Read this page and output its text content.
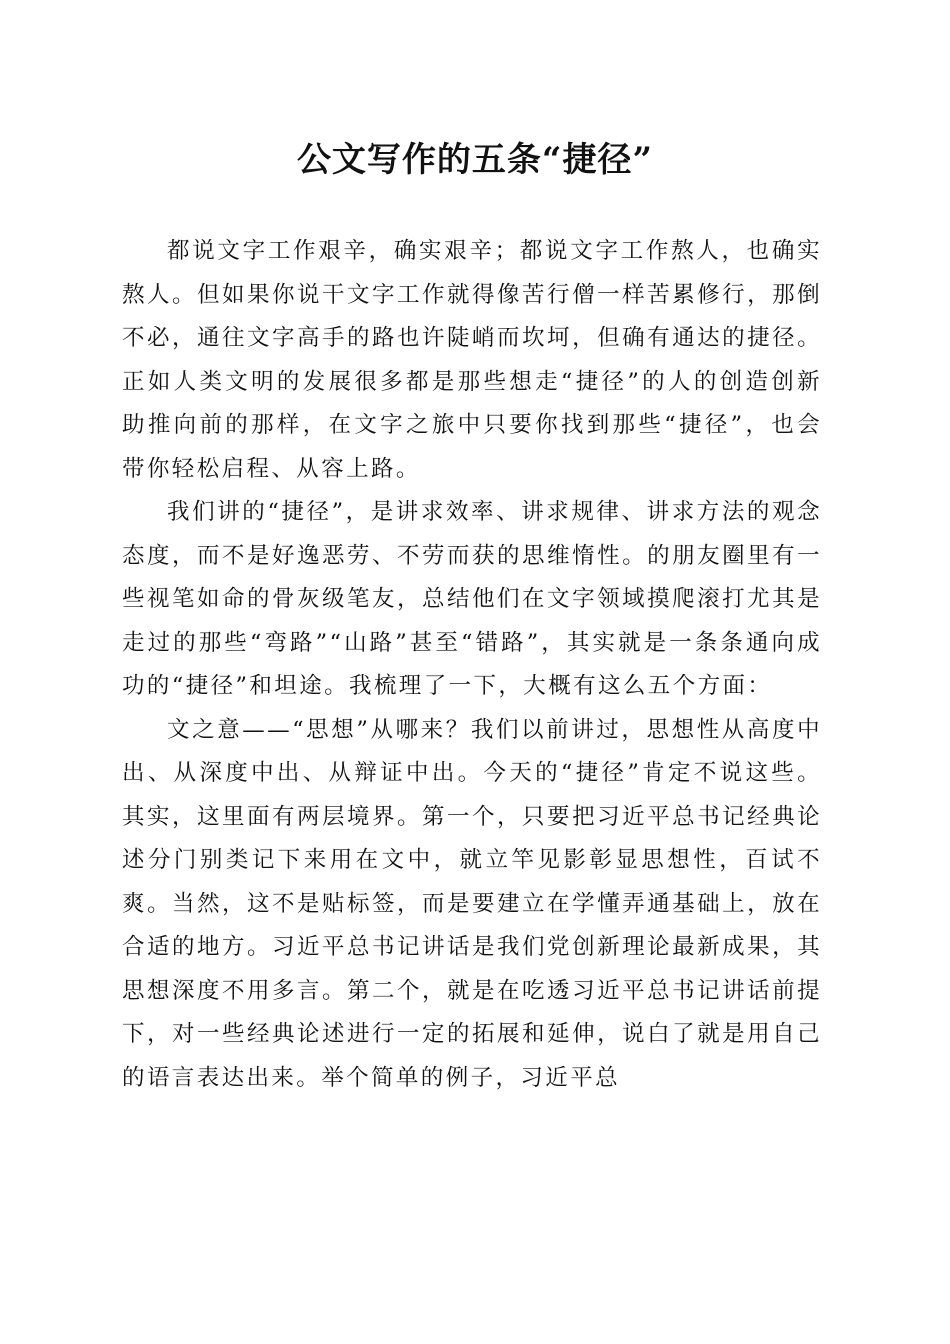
公文写作的五条“捷径”

都说文字工作艰辛，确实艰辛；都说文字工作熬人，也确实熬人。但如果你说干文字工作就得像苦行僧一样苦累修行，那倒不必，通往文字高手的路也许陡峭而坎坷，但确有通达的捷径。正如人类文明的发展很多都是那些想走“捷径”的人的创造创新助推向前的那样，在文字之旅中只要你找到那些“捷径”，也会带你轻松启程、从容上路。

我们讲的“捷径”，是讲求效率、讲求规律、讲求方法的观念态度，而不是好逸恶劳、不劳而获的思维惰性。的朋友圈里有一些视笔如命的骨灰级笔友，总结他们在文字领域摸爬滚打尤其是走过的那些“弯路”“山路”甚至“错路”，其实就是一条条通向成功的“捷径”和坦途。我梳理了一下，大概有这么五个方面：

文之意——“思想”从哪来？我们以前讲过，思想性从高度中出、从深度中出、从辩证中出。今天的“捷径”肯定不说这些。其实，这里面有两层境界。第一个，只要把习近平总书记经典论述分门别类记下来用在文中，就立竿见影彰显思想性，百试不爽。当然，这不是贴标签，而是要建立在学懂弄通基础上，放在合适的地方。习近平总书记讲话是我们党创新理论最新成果，其思想深度不用多言。第二个，就是在吃透习近平总书记讲话前提下，对一些经典论述进行一定的拓展和延伸，说白了就是用自己的语言表达出来。举个简单的例子，习近平总
